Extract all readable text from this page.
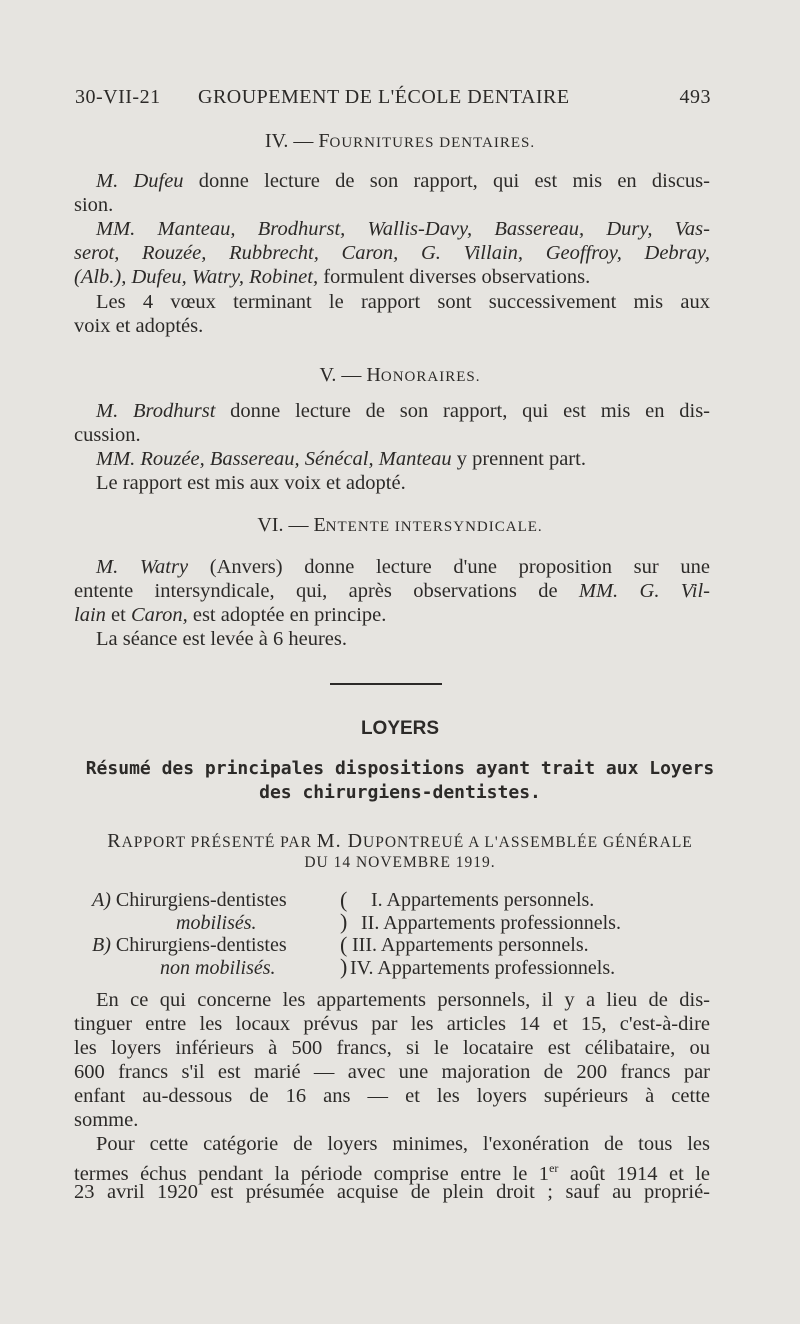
30-VII-21 GROUPEMENT DE L'ÉCOLE DENTAIRE	493
IV. — FOURNITURES DENTAIRES.
M. Dufeu donne lecture de son rapport, qui est mis en discus-
sion.
MM. Manteau, Brodhurst, Wallis-Davy, Bassereau, Dury, Vas-
serot, Rouzée, Rubbrecht, Caron, G. Villain, Geoffroy, Debray,
(Alb.), Dufeu, Watry, Robinet, formulent diverses observations.
Les 4 vœux terminant le rapport sont successivement mis aux
voix et adoptés.
V. — HONORAIRES.
M. Brodhurst donne lecture de son rapport, qui est mis en dis-
cussion.
MM. Rouzée, Bassereau, Sénécal, Manteau y prennent part.
Le rapport est mis aux voix et adopté.
VI. — ENTENTE INTERSYNDICALE.
M. Watry (Anvers) donne lecture d'une proposition sur une
entente intersyndicale, qui, après observations de MM. G. Vil-
lain et Caron, est adoptée en principe.
La séance est levée à 6 heures.
LOYERS
Résumé des principales dispositions ayant trait aux Loyers
des chirurgiens-dentistes.
RAPPORT PRÉSENTÉ PAR M. DUPONTREUÉ A L'ASSEMBLÉE GÉNÉRALE
DU 14 NOVEMBRE 1919.
A) Chirurgiens-dentistes
mobilisés.
(
)
I. Appartements personnels.
II. Appartements professionnels.
B) Chirurgiens-dentistes
non mobilisés.
(
)
III. Appartements personnels.
IV. Appartements professionnels.
En ce qui concerne les appartements personnels, il y a lieu de dis-
tinguer entre les locaux prévus par les articles 14 et 15, c'est-à-dire
les loyers inférieurs à 500 francs, si le locataire est célibataire, ou
600 francs s'il est marié — avec une majoration de 200 francs par
enfant au-dessous de 16 ans — et les loyers supérieurs à cette
somme.
Pour cette catégorie de loyers minimes, l'exonération de tous les
termes échus pendant la période comprise entre le 1er août 1914 et le
23 avril 1920 est présumée acquise de plein droit ; sauf au proprié-
